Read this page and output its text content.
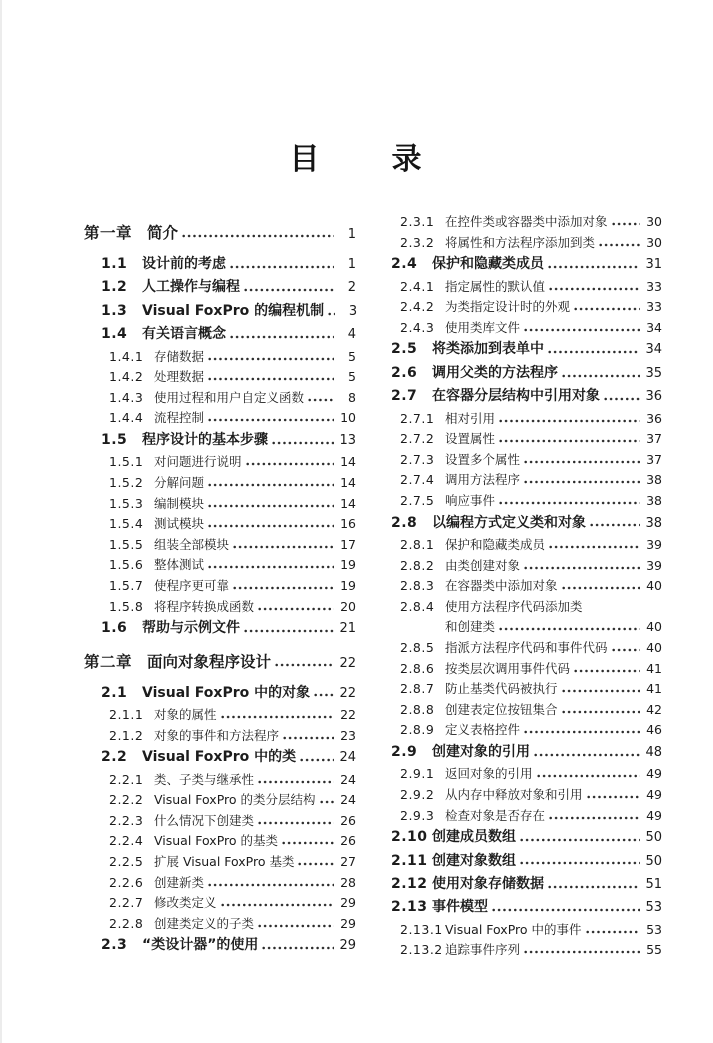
目　　录
第一章 简介	1
1.1	设计前的考虑	1
1.2	人工操作与编程	2
1.3	Visual FoxPro 的编程机制	3
1.4	有关语言概念	4
1.4.1 存储数据	5
1.4.2 处理数据	5
1.4.3 使用过程和用户自定义函数	8
1.4.4 流程控制	10
1.5	程序设计的基本步骤	13
1.5.1 对问题进行说明	14
1.5.2 分解问题	14
1.5.3 编制模块	14
1.5.4 测试模块	16
1.5.5 组装全部模块	17
1.5.6 整体测试	19
1.5.7 使程序更可靠	19
1.5.8 将程序转换成函数	20
1.6	帮助与示例文件	21
第二章 面向对象程序设计	22
2.1	Visual FoxPro 中的对象 22
2.1.1 对象的属性	22
2.1.2 对象的事件和方法程序	23
2.2	Visual FoxPro 中的类	24
2.2.1 类、子类与继承性	24
2.2.2 Visual FoxPro 的类分层结构 24
2.2.3 什么情况下创建类	26
2.2.4 Visual FoxPro 的基类	26
2.2.5 扩展 Visual FoxPro 基类	27
2.2.6 创建新类	28
2.2.7 修改类定义	29
2.2.8 创建类定义的子类	29
2.3	“类设计器”的使用	29
2.3.1 在控件类或容器类中添加对象	30
2.3.2 将属性和方法程序添加到类	30
2.4	保护和隐藏类成员	31
2.4.1 指定属性的默认值	33
2.4.2 为类指定设计时的外观	33
2.4.3 使用类库文件	34
2.5	将类添加到表单中	34
2.6	调用父类的方法程序	35
2.7	在容器分层结构中引用对象	36
2.7.1 相对引用	36
2.7.2 设置属性	37
2.7.3 设置多个属性	37
2.7.4 调用方法程序	38
2.7.5 响应事件	38
2.8	以编程方式定义类和对象	38
2.8.1 保护和隐藏类成员	39
2.8.2 由类创建对象	39
2.8.3 在容器类中添加对象	40
2.8.4 使用方法程序代码添加类
和创建类	40
2.8.5 指派方法程序代码和事件代码	40
2.8.6 按类层次调用事件代码	41
2.8.7 防止基类代码被执行	41
2.8.8 创建表定位按钮集合	42
2.8.9 定义表格控件	46
2.9	创建对象的引用	48
2.9.1 返回对象的引用	49
2.9.2 从内存中释放对象和引用	49
2.9.3 检查对象是否存在	49
2.10 创建成员数组	50
2.11 创建对象数组	50
2.12 使用对象存储数据	51
2.13 事件模型	53
2.13.1 Visual FoxPro 中的事件	53
2.13.2 追踪事件序列	55
